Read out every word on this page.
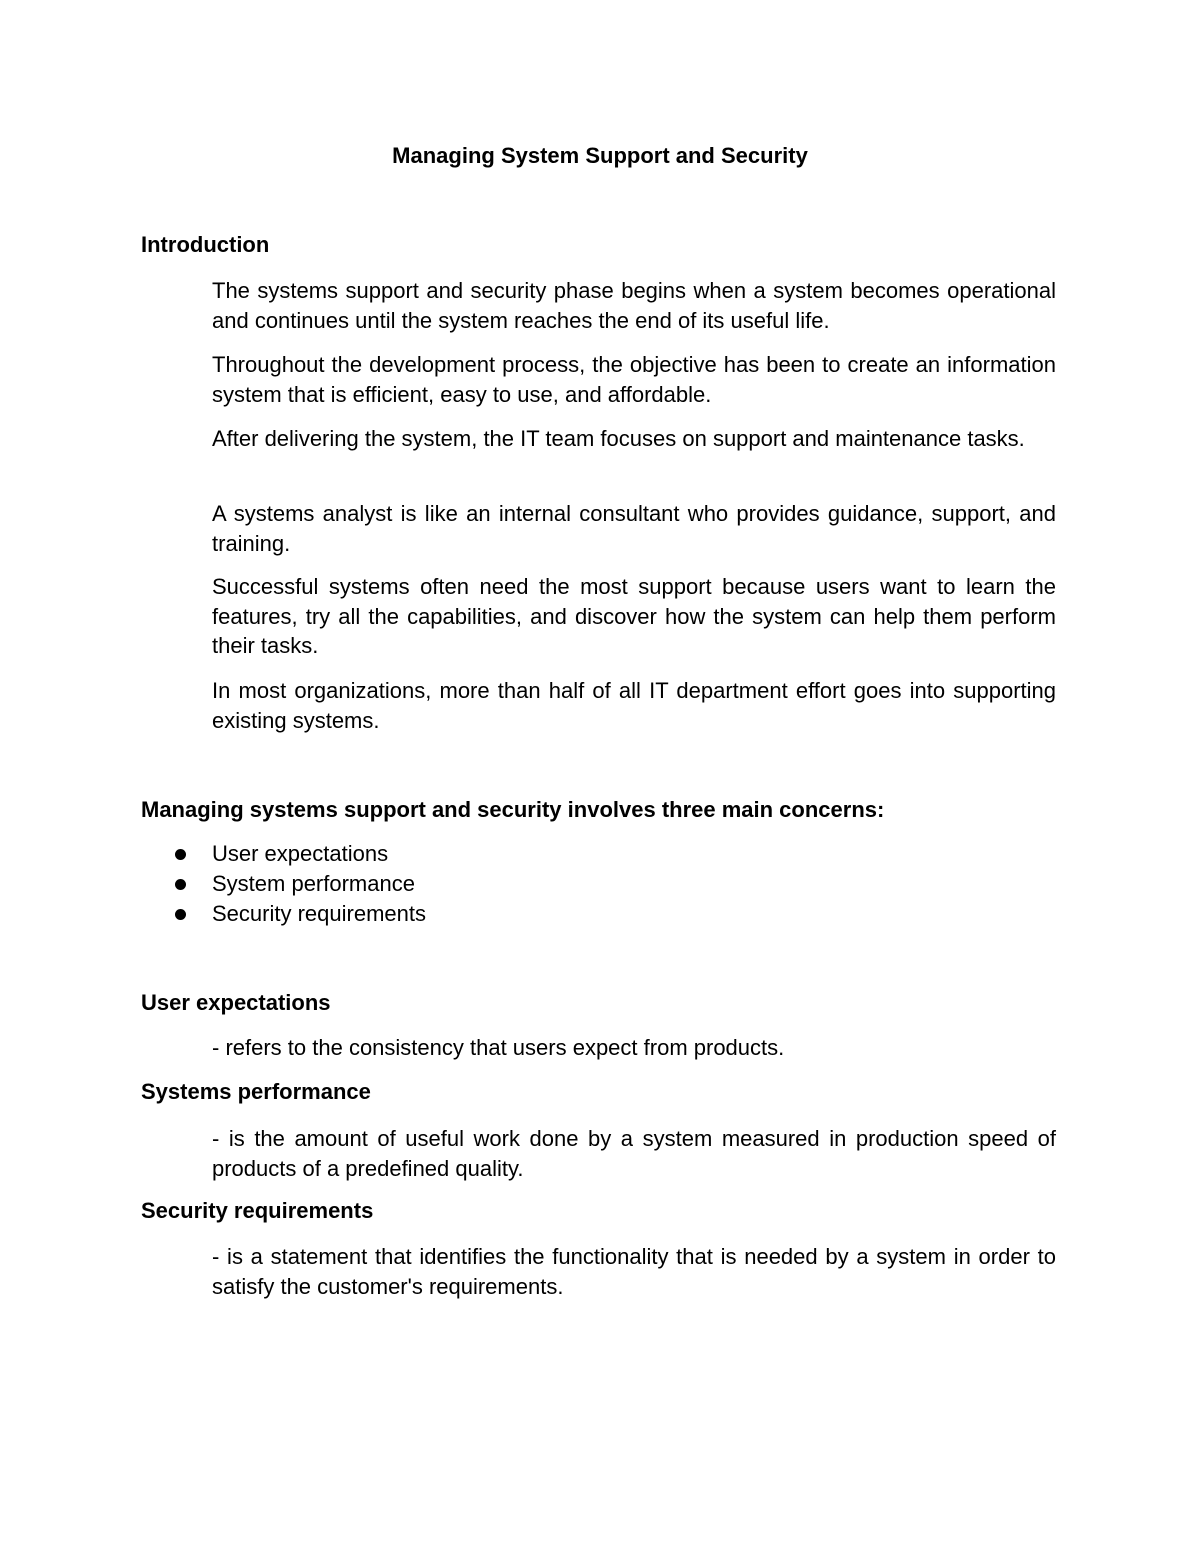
Managing System Support and Security
Introduction

The systems support and security phase begins when a system becomes operational and continues until the system reaches the end of its useful life.

Throughout the development process, the objective has been to create an information system that is efficient, easy to use, and affordable.

After delivering the system, the IT team focuses on support and maintenance tasks.

A systems analyst is like an internal consultant who provides guidance, support, and training.

Successful systems often need the most support because users want to learn the features, try all the capabilities, and discover how the system can help them perform their tasks.

In most organizations, more than half of all IT department effort goes into supporting existing systems.

Managing systems support and security involves three main concerns:
User expectations
System performance
Security requirements
User expectations

- refers to the consistency that users expect from products.

Systems performance

- is the amount of useful work done by a system measured in production speed of products of a predefined quality.

Security requirements

- is a statement that identifies the functionality that is needed by a system in order to satisfy the customer's requirements.
